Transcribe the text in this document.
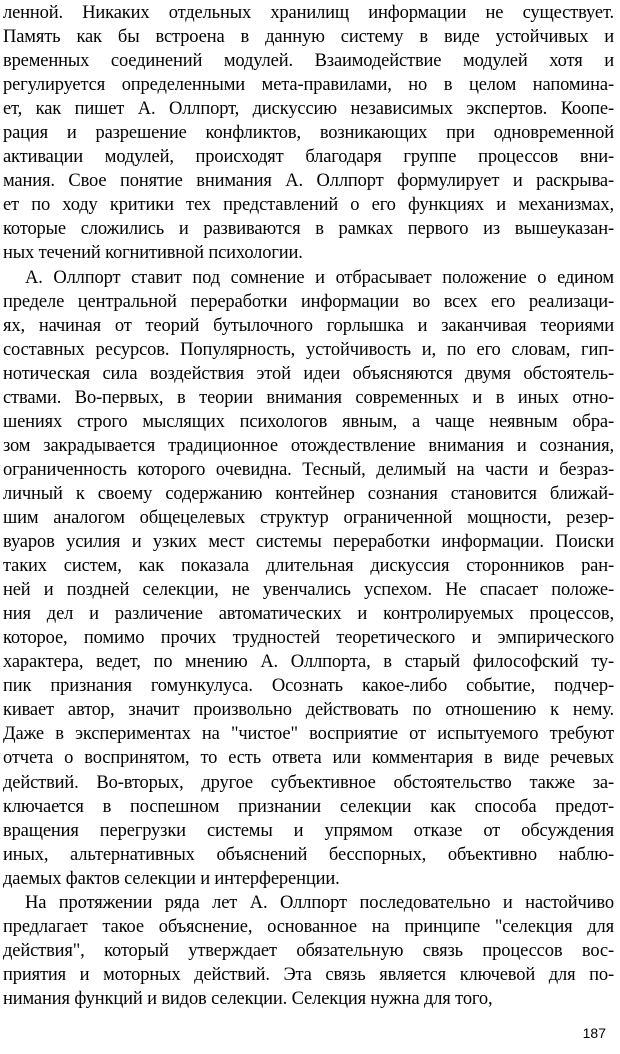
ленной. Никаких отдельных хранилищ информации не существует.
Память как бы встроена в данную систему в виде устойчивых и
временных соединений модулей. Взаимодействие модулей хотя и
регулируется определенными мета-правилами, но в целом напомина-
ет, как пишет А. Оллпорт, дискуссию независимых экспертов. Коопе-
рация и разрешение конфликтов, возникающих при одновременной
активации модулей, происходят благодаря группе процессов вни-
мания. Свое понятие внимания А. Оллпорт формулирует и раскрыва-
ет по ходу критики тех представлений о его функциях и механизмах,
которые сложились и развиваются в рамках первого из вышеуказан-
ных течений когнитивной психологии.
А. Оллпорт ставит под сомнение и отбрасывает положение о едином
пределе центральной переработки информации во всех его реализаци-
ях, начиная от теорий бутылочного горлышка и заканчивая теориями
составных ресурсов. Популярность, устойчивость и, по его словам, гип-
нотическая сила воздействия этой идеи объясняются двумя обстоятель-
ствами. Во-первых, в теории внимания современных и в иных отно-
шениях строго мыслящих психологов явным, а чаще неявным обра-
зом закрадывается традиционное отождествление внимания и сознания,
ограниченность которого очевидна. Тесный, делимый на части и безраз-
личный к своему содержанию контейнер сознания становится ближай-
шим аналогом общецелевых структур ограниченной мощности, резер-
вуаров усилия и узких мест системы переработки информации. Поиски
таких систем, как показала длительная дискуссия сторонников ран-
ней и поздней селекции, не увенчались успехом. Не спасает положе-
ния дел и различение автоматических и контролируемых процессов,
которое, помимо прочих трудностей теоретического и эмпирического
характера, ведет, по мнению А. Оллпорта, в старый философский ту-
пик признания гомункулуса. Осознать какое-либо событие, подчер-
кивает автор, значит произвольно действовать по отношению к нему.
Даже в экспериментах на "чистое" восприятие от испытуемого требуют
отчета о воспринятом, то есть ответа или комментария в виде речевых
действий. Во-вторых, другое субъективное обстоятельство также за-
ключается в поспешном признании селекции как способа предот-
вращения перегрузки системы и упрямом отказе от обсуждения
иных, альтернативных объяснений бесспорных, объективно наблю-
даемых фактов селекции и интерференции.
На протяжении ряда лет А. Оллпорт последовательно и настойчиво
предлагает такое объяснение, основанное на принципе "селекция для
действия", который утверждает обязательную связь процессов вос-
приятия и моторных действий. Эта связь является ключевой для по-
нимания функций и видов селекции. Селекция нужна для того,
187
